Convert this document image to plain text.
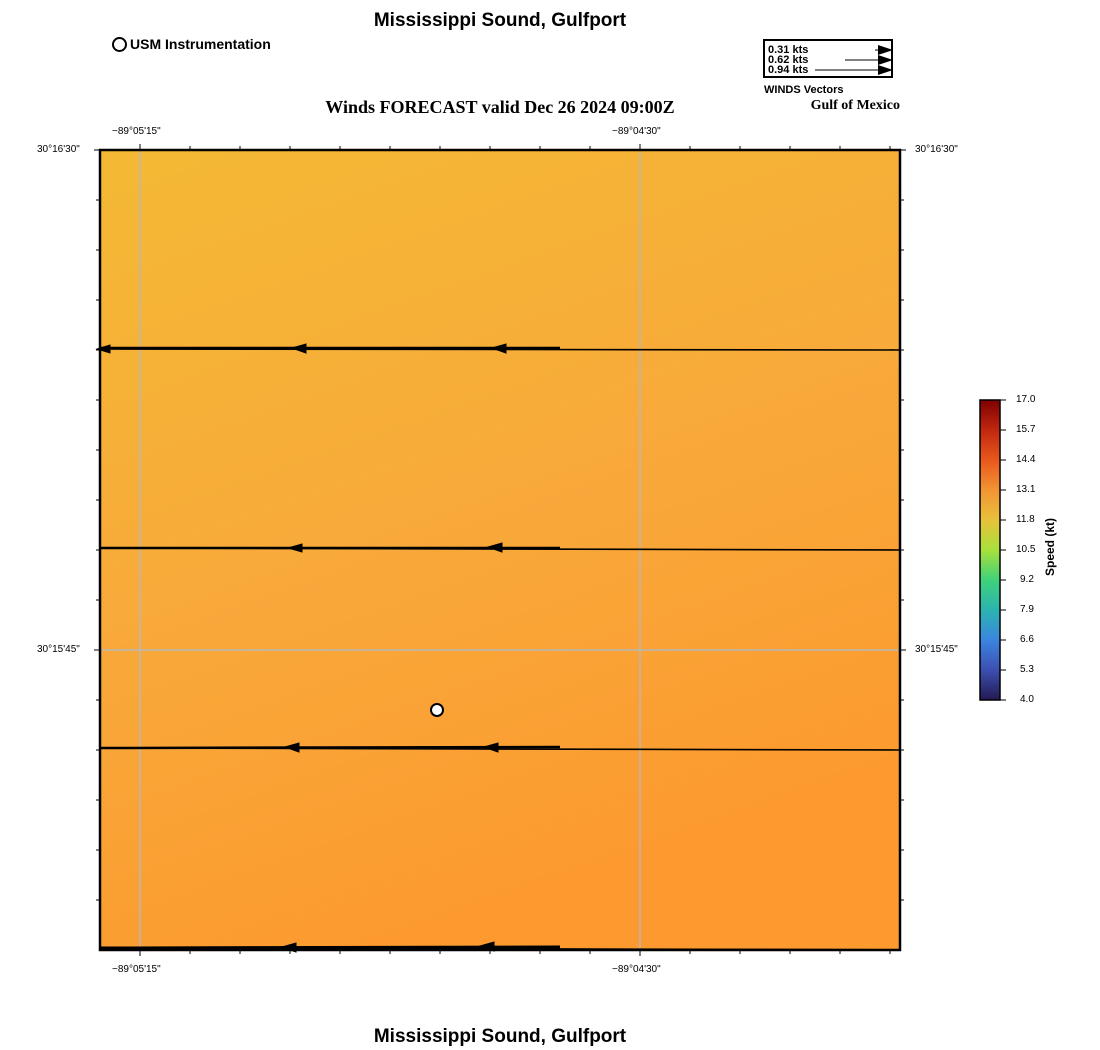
Mississippi Sound, Gulfport
USM Instrumentation	0.31 kts
0.62 kts
0.94 kts
WINDS Vectors
Gulf of Mexico
Winds FORECAST valid Dec 26 2024 09:00Z
−89°05'15"	−89°04'30"
−89°05'15"	−89°04'30"
30°16'30"
30°15'45"
30°16'30"
30°15'45"
17.0
15.7
14.4
13.1
11.8
10.5
9.2
7.9
6.6
5.3
4.0
Speed (kt)
Mississippi Sound, Gulfport
